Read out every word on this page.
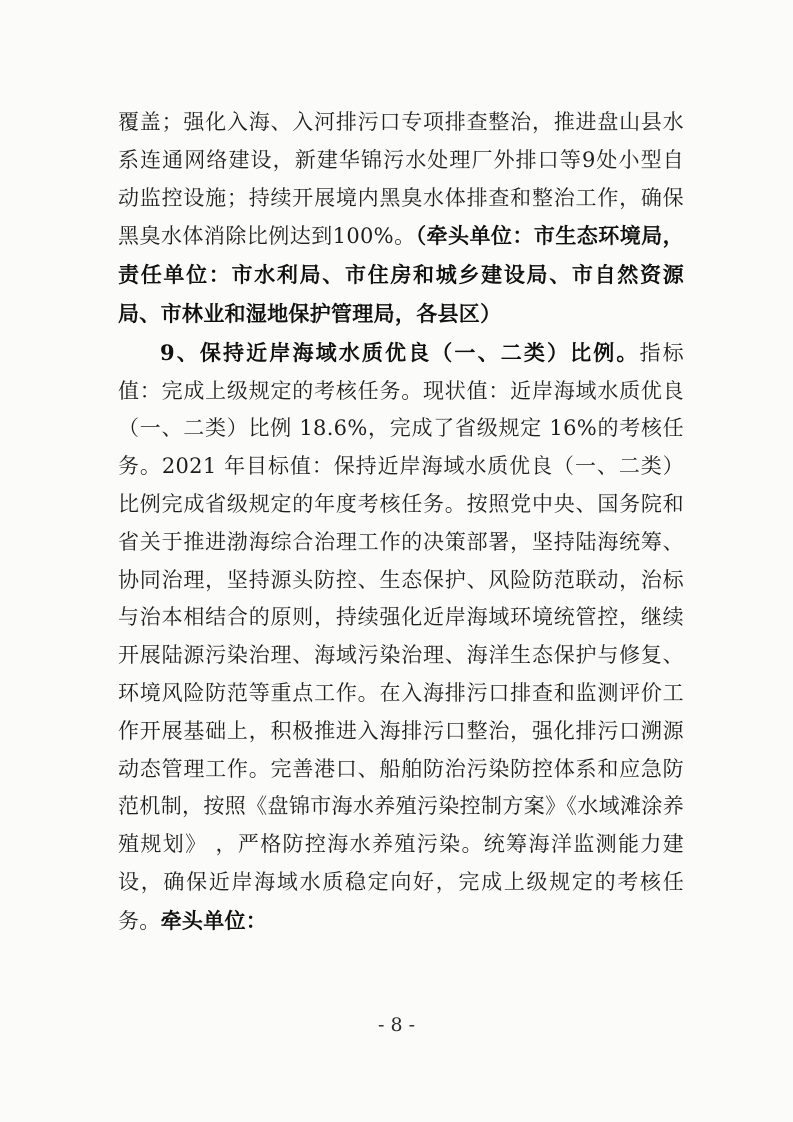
覆盖；强化入海、入河排污口专项排查整治，推进盘山县水系连通网络建设，新建华锦污水处理厂外排口等9处小型自动监控设施；持续开展境内黑臭水体排查和整治工作，确保黑臭水体消除比例达到100%。（牵头单位：市生态环境局，责任单位：市水利局、市住房和城乡建设局、市自然资源局、市林业和湿地保护管理局，各县区）

9、保持近岸海域水质优良（一、二类）比例。指标值：完成上级规定的考核任务。现状值：近岸海域水质优良（一、二类）比例 18.6%，完成了省级规定 16%的考核任务。2021 年目标值：保持近岸海域水质优良（一、二类）比例完成省级规定的年度考核任务。按照党中央、国务院和省关于推进渤海综合治理工作的决策部署，坚持陆海统筹、协同治理，坚持源头防控、生态保护、风险防范联动，治标与治本相结合的原则，持续强化近岸海域环境统管控，继续开展陆源污染治理、海域污染治理、海洋生态保护与修复、环境风险防范等重点工作。在入海排污口排查和监测评价工作开展基础上，积极推进入海排污口整治，强化排污口溯源动态管理工作。完善港口、船舶防治污染防控体系和应急防范机制，按照《盘锦市海水养殖污染控制方案》《水域滩涂养殖规划》 ，严格防控海水养殖污染。统筹海洋监测能力建设，确保近岸海域水质稳定向好，完成上级规定的考核任务。牵头单位：

- 8 -
